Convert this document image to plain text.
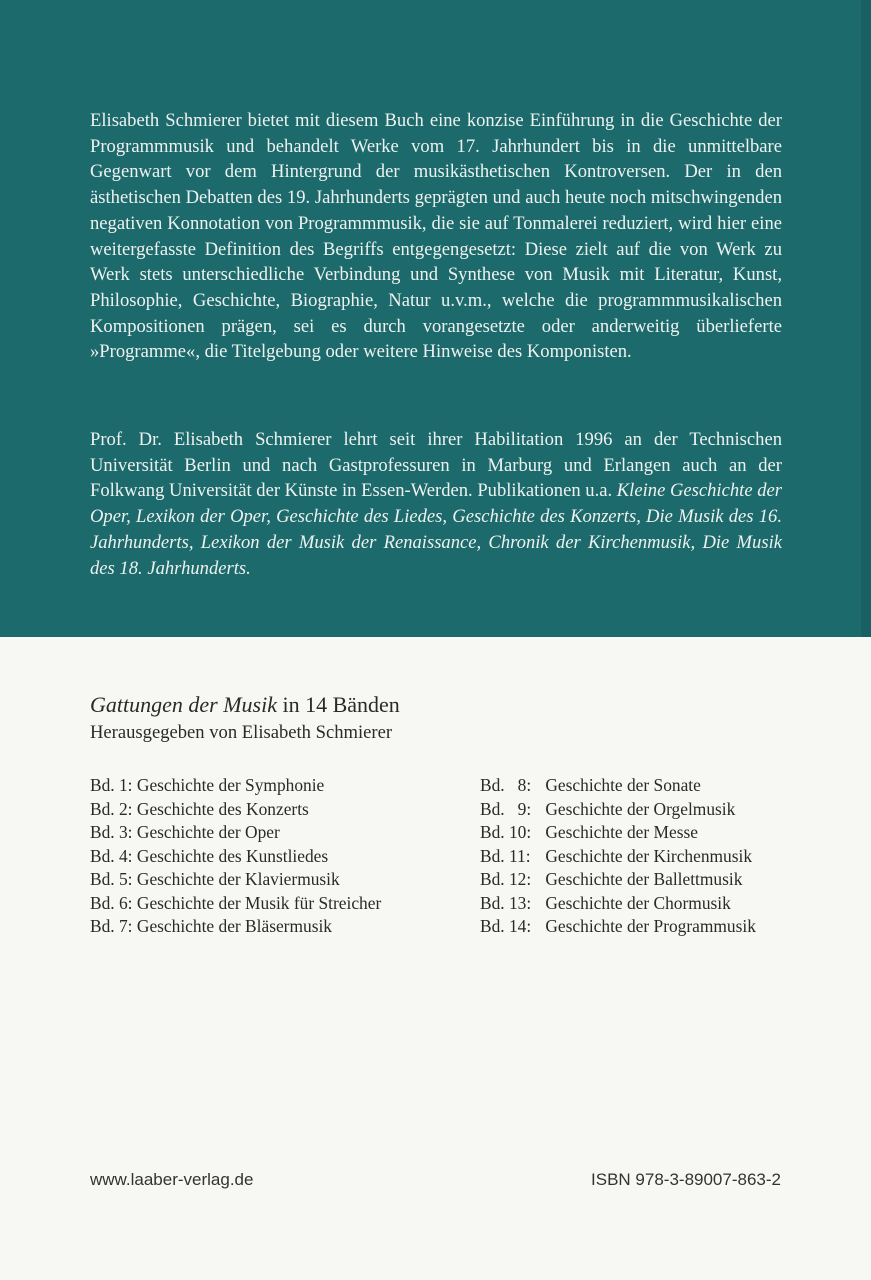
Elisabeth Schmierer bietet mit diesem Buch eine konzise Einführung in die Geschichte der Programmmusik und behandelt Werke vom 17. Jahrhundert bis in die unmittelbare Gegenwart vor dem Hintergrund der musikästhetischen Kontroversen. Der in den ästhetischen Debatten des 19. Jahrhunderts geprägten und auch heute noch mitschwingenden negativen Konnotation von Programmmusik, die sie auf Tonmalerei reduziert, wird hier eine weitergefasste Definition des Begriffs entgegengesetzt: Diese zielt auf die von Werk zu Werk stets unterschiedliche Verbindung und Synthese von Musik mit Literatur, Kunst, Philosophie, Geschichte, Biographie, Natur u.v.m., welche die programmmusikalischen Kompositionen prägen, sei es durch vorangesetzte oder anderweitig überlieferte »Programme«, die Titelgebung oder weitere Hinweise des Komponisten.

Prof. Dr. Elisabeth Schmierer lehrt seit ihrer Habilitation 1996 an der Technischen Universität Berlin und nach Gastprofessuren in Marburg und Erlangen auch an der Folkwang Universität der Künste in Essen-Werden. Publikationen u.a. Kleine Geschichte der Oper, Lexikon der Oper, Geschichte des Liedes, Geschichte des Konzerts, Die Musik des 16. Jahrhunderts, Lexikon der Musik der Renaissance, Chronik der Kirchenmusik, Die Musik des 18. Jahrhunderts.

Gattungen der Musik in 14 Bänden

Herausgegeben von Elisabeth Schmierer

Bd. 1: Geschichte der Symphonie
Bd. 2: Geschichte des Konzerts
Bd. 3: Geschichte der Oper
Bd. 4: Geschichte des Kunstliedes
Bd. 5: Geschichte der Klaviermusik
Bd. 6: Geschichte der Musik für Streicher
Bd. 7: Geschichte der Bläsermusik
Bd.   8: Geschichte der Sonate
Bd.   9: Geschichte der Orgelmusik
Bd. 10: Geschichte der Messe
Bd. 11: Geschichte der Kirchenmusik
Bd. 12: Geschichte der Ballettmusik
Bd. 13: Geschichte der Chormusik
Bd. 14: Geschichte der Programmusik

www.laaber-verlag.de	ISBN 978-3-89007-863-2
